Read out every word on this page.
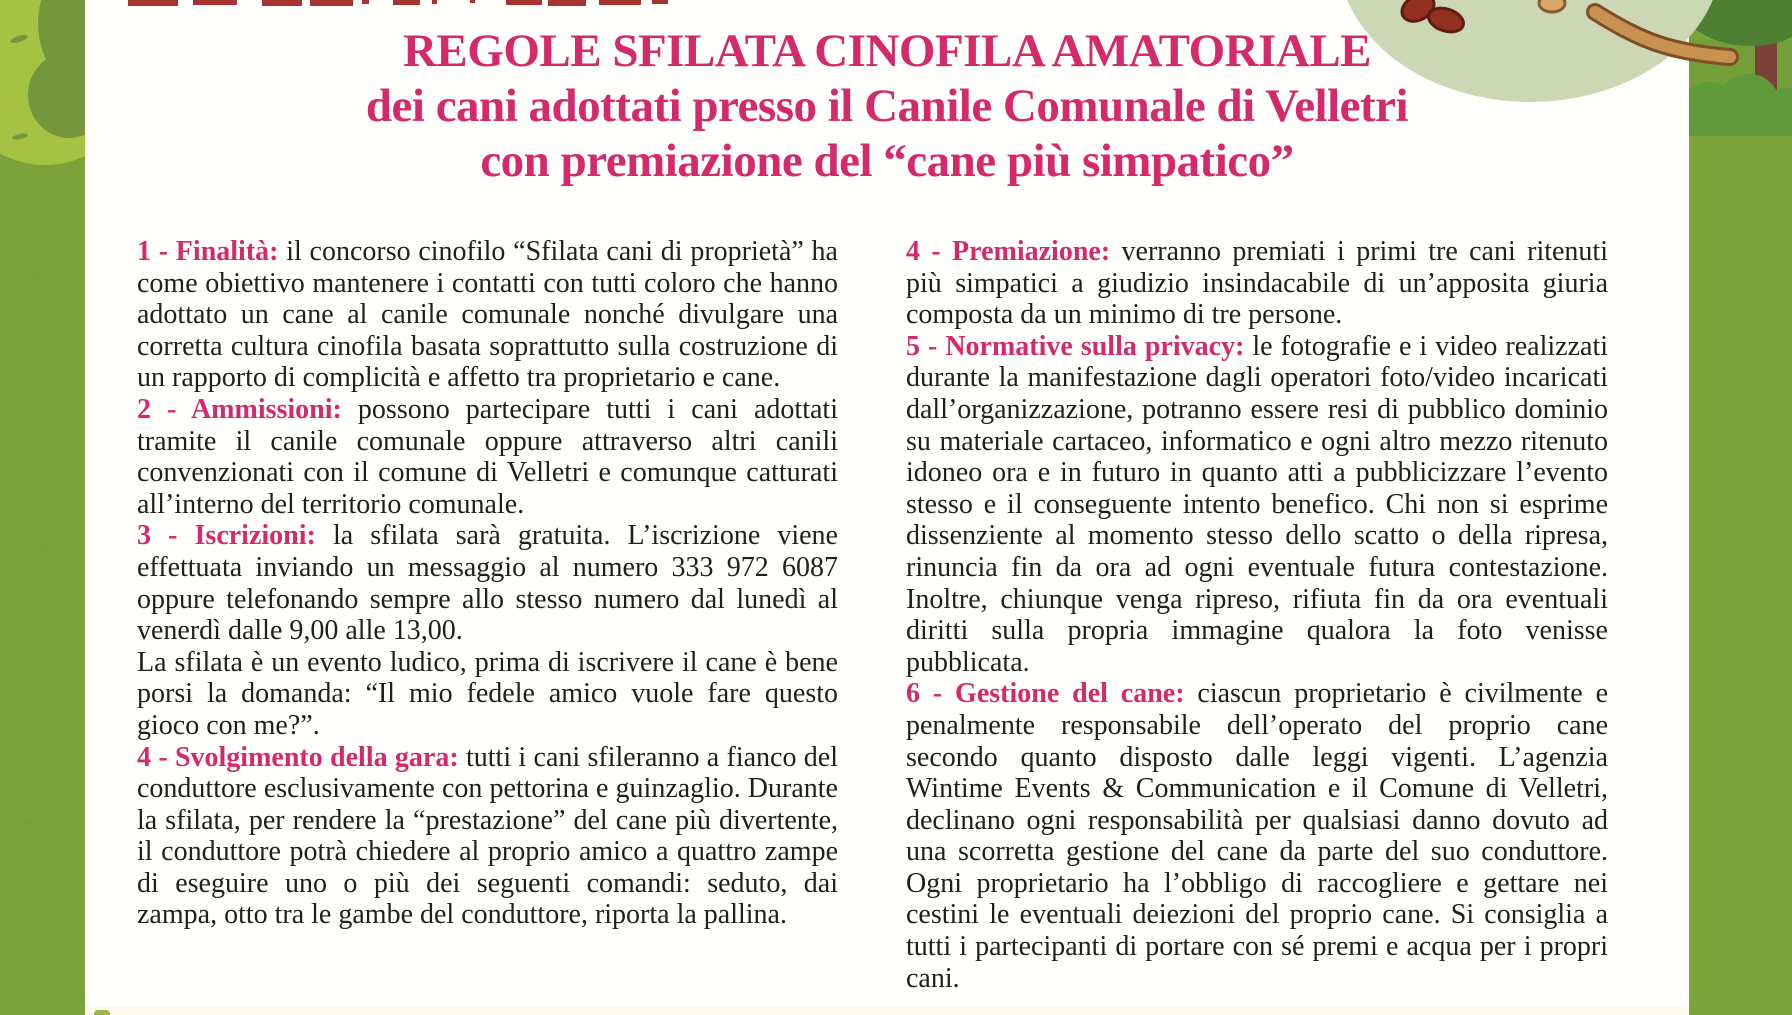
REGOLE SFILATA CINOFILA AMATORIALE
dei cani adottati presso il Canile Comunale di Velletri
con premiazione del “cane più simpatico”

1 - Finalità: il concorso cinofilo “Sfilata cani di proprietà” ha come obiettivo mantenere i contatti con tutti coloro che hanno adottato un cane al canile comunale nonché divulgare una corretta cultura cinofila basata soprattutto sulla costruzione di un rapporto di complicità e affetto tra proprietario e cane.

2 - Ammissioni: possono partecipare tutti i cani adottati tramite il canile comunale oppure attraverso altri canili convenzionati con il comune di Velletri e comunque catturati all’interno del territorio comunale.

3 - Iscrizioni: la sfilata sarà gratuita. L’iscrizione viene effettuata inviando un messaggio al numero 333 972 6087 oppure telefonando sempre allo stesso numero dal lunedì al venerdì dalle 9,00 alle 13,00.

La sfilata è un evento ludico, prima di iscrivere il cane è bene porsi la domanda: “Il mio fedele amico vuole fare questo gioco con me?”.

4 - Svolgimento della gara: tutti i cani sfileranno a fianco del conduttore esclusivamente con pettorina e guinzaglio. Durante la sfilata, per rendere la “prestazione” del cane più divertente, il conduttore potrà chiedere al proprio amico a quattro zampe di eseguire uno o più dei seguenti comandi: seduto, dai zampa, otto tra le gambe del conduttore, riporta la pallina.

4 - Premiazione: verranno premiati i primi tre cani ritenuti più simpatici a giudizio insindacabile di un’apposita giuria composta da un minimo di tre persone.

5 - Normative sulla privacy: le fotografie e i video realizzati durante la manifestazione dagli operatori foto/video incaricati dall’organizzazione, potranno essere resi di pubblico dominio su materiale cartaceo, informatico e ogni altro mezzo ritenuto idoneo ora e in futuro in quanto atti a pubblicizzare l’evento stesso e il conseguente intento benefico. Chi non si esprime dissenziente al momento stesso dello scatto o della ripresa, rinuncia fin da ora ad ogni eventuale futura contestazione. Inoltre, chiunque venga ripreso, rifiuta fin da ora eventuali diritti sulla propria immagine qualora la foto venisse pubblicata.

6 - Gestione del cane: ciascun proprietario è civilmente e penalmente responsabile dell’operato del proprio cane secondo quanto disposto dalle leggi vigenti. L’agenzia Wintime Events & Communication e il Comune di Velletri, declinano ogni responsabilità per qualsiasi danno dovuto ad una scorretta gestione del cane da parte del suo conduttore. Ogni proprietario ha l’obbligo di raccogliere e gettare nei cestini le eventuali deiezioni del proprio cane. Si consiglia a tutti i partecipanti di portare con sé premi e acqua per i propri cani.
